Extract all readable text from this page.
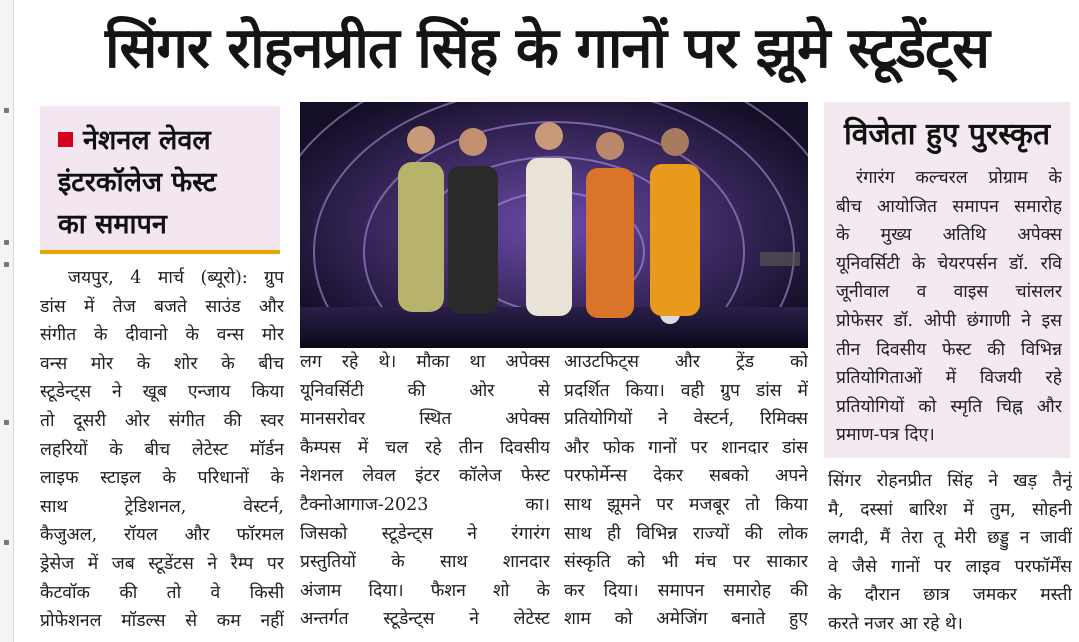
सिंगर रोहनप्रीत सिंह के गानों पर झूमे स्टूडेंट्स
नेशनल लेवल
इंटरकॉलेज फेस्ट
का समापन

जयपुर, 4 मार्च (ब्यूरो): ग्रुप

डांस में तेज बजते साउंड और

संगीत के दीवानो के वन्स मोर

वन्स मोर के शोर के बीच

स्टूडेन्ट्स ने खूब एन्जाय किया

तो दूसरी ओर संगीत की स्वर

लहरियों के बीच लेटेस्ट मॉर्डन

लाइफ स्टाइल के परिधानों के

साथ ट्रेडिशनल, वेस्टर्न,

कैजुअल, रॉयल और फॉरमल

ड्रेसेज में जब स्टूडेंटस ने रैम्प पर

कैटवॉक की तो वे किसी

प्रोफेशनल मॉडल्स से कम नहीं

लग रहे थे। मौका था अपेक्स

यूनिवर्सिटी की ओर से

मानसरोवर स्थित अपेक्स

कैम्पस में चल रहे तीन दिवसीय

नेशनल लेवल इंटर कॉलेज फेस्ट

टैक्नोआगाज-2023 का।

जिसको स्टूडेन्ट्स ने रंगारंग

प्रस्तुतियों के साथ शानदार

अंजाम दिया। फैशन शो के

अन्तर्गत स्टूडेन्ट्स ने लेटेस्ट

आउटफिट्स और ट्रेंड को

प्रदर्शित किया। वही ग्रुप डांस में

प्रतियोगियों ने वेस्टर्न, रिमिक्स

और फोक गानों पर शानदार डांस

परफोर्मेन्स देकर सबको अपने

साथ झूमने पर मजबूर तो किया

साथ ही विभिन्न राज्यों की लोक

संस्कृति को भी मंच पर साकार

कर दिया। समापन समारोह की

शाम को अमेजिंग बनाते हुए

विजेता हुए पुरस्कृत

रंगारंग कल्चरल प्रोग्राम के

बीच आयोजित समापन समारोह

के मुख्य अतिथि अपेक्स

यूनिवर्सिटी के चेयरपर्सन डॉ. रवि

जूनीवाल व वाइस चांसलर

प्रोफेसर डॉ. ओपी छंगाणी ने इस

तीन दिवसीय फेस्ट की विभिन्न

प्रतियोगिताओं में विजयी रहे

प्रतियोगियों को स्मृति चिह्न और

प्रमाण-पत्र दिए।

सिंगर रोहनप्रीत सिंह ने खड़ तैनूं

मै, दस्सां बारिश में तुम, सोहनी

लगदी, मैं तेरा तू मेरी छड्डु न जावीं

वे जैसे गानों पर लाइव परफॉर्मेंस

के दौरान छात्र जमकर मस्ती

करते नजर आ रहे थे।
